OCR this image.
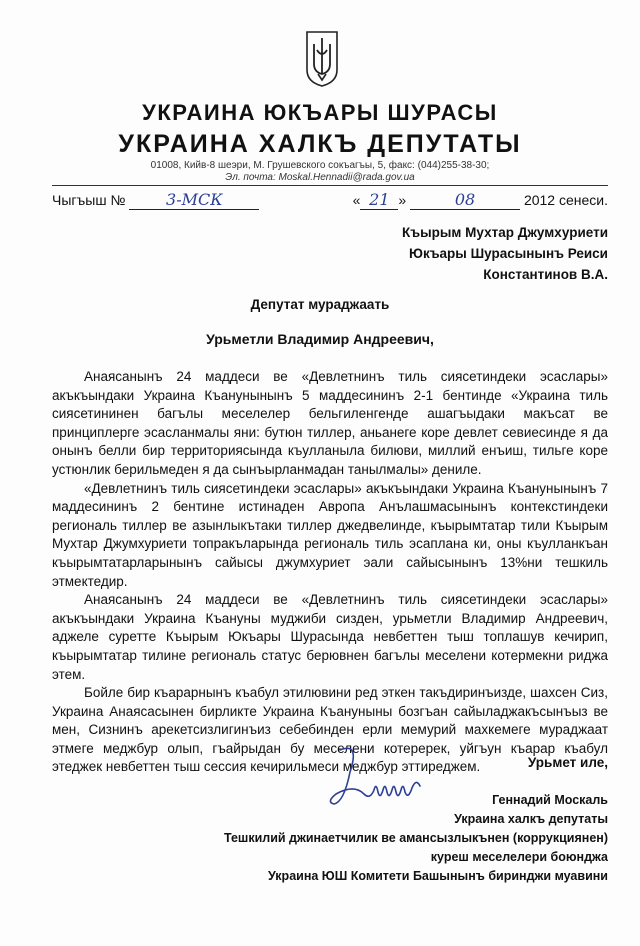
УКРАИНА ЮКЪАРЫ ШУРАСЫ
УКРАИНА ХАЛКЪ ДЕПУТАТЫ
01008, Кийв-8 шеэри, М. Грушевского сокъагъы, 5, факс: (044)255-38-30;
Эл. почта: Moskal.Hennadii@rada.gov.ua
Чыгъыш №	3-МСК	« 21 »	08	2012 сенеси.
Къырым Мухтар Джумхуриети
Юкъары Шурасынынъ Реиси
Константинов В.А.
Депутат мураджаать
Урьметли Владимир Андреевич,

Анаясанынъ 24 маддеси ве «Девлетнинъ тиль сиясетиндеки эсаслары» акъкъындаки Украина Къанунынынъ 5 маддесининъ 2-1 бентинде «Украина тиль сиясетининен багълы меселелер бельгиленгенде ашагъыдаки макъсат ве принциплерге эсасланмалы яни: бутюн тиллер, аньанеге коре девлет севиесинде я да онынъ белли бир территориясында къулланыла билюви, миллий енъиш, тильге коре устюнлик берильмеден я да сынъырланмадан танылмалы» дениле.

«Девлетнинъ тиль сиясетиндеки эсаслары» акъкъындаки Украина Къанунынынъ 7 маддесининъ 2 бентине истинаден Авропа Анълашмасынынъ контекстиндеки региональ тиллер ве азынлыкътаки тиллер джедвелинде, къырымтатар тили Къырым Мухтар Джумхуриети топракъларында региональ тиль эсаплана ки, оны къулланкъан къырымтатарларынынъ сайысы джумхуриет эали сайысынынъ 13%ни тешкиль этмектедир.

Анаясанынъ 24 маддеси ве «Девлетнинъ тиль сиясетиндеки эсаслары» акъкъындаки Украина Къануны муджиби сизден, урьметли Владимир Андреевич, аджеле суретте Къырым Юкъары Шурасында невбеттен тыш топлашув кечирип, къырымтатар тилине региональ статус берювнен багълы меселени котермекни риджа этем.

Бойле бир къарарнынъ къабул этилювини ред эткен такъдиринъизде, шахсен Сиз, Украина Анаясасынен бирликте Украина Къануныны бозгъан сайыладжакъсынъыз ве мен, Сизнинъ арекетсизлигинъиз себебинден ерли мемурий махкемеге мураджаат этмеге меджбур олып, гъайрыдан бу меселени котеререк, уйгъун къарар къабул этеджек невбеттен тыш сессия кечирильмеси меджбур эттиреджем.	Урьмет иле,
Геннадий Москаль
Украина халкъ депутаты
Тешкилий джинаетчилик ве амансызлыкънен (коррукциянен)
куреш меселелери боюнджа
Украина ЮШ Комитети Башынынъ биринджи муавини
